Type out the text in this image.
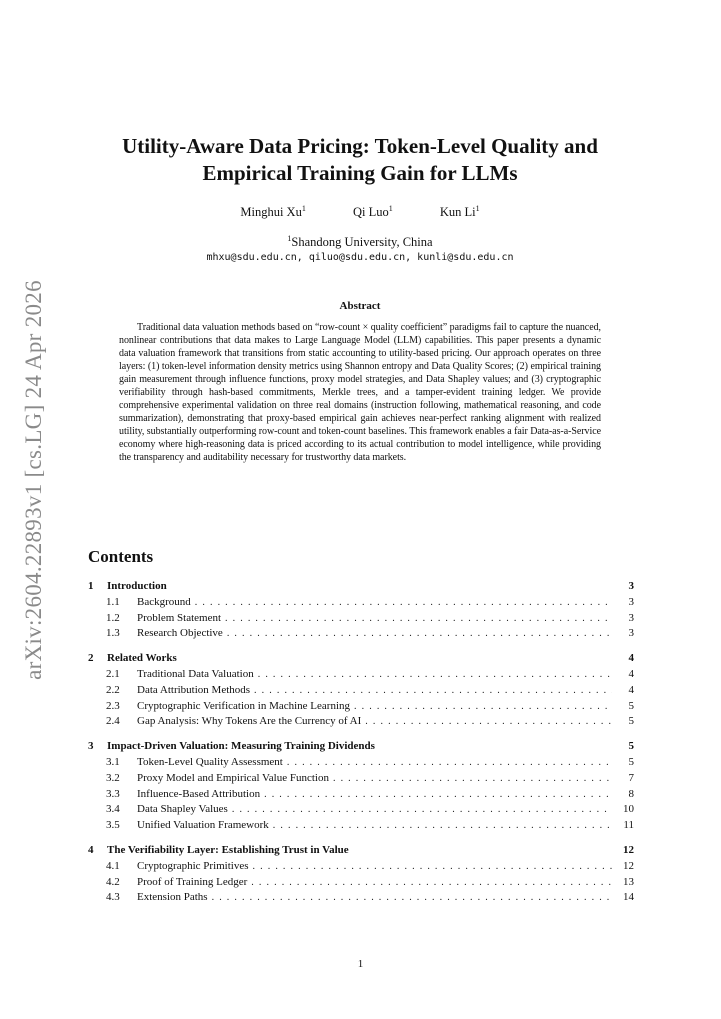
arXiv:2604.22893v1 [cs.LG] 24 Apr 2026
Utility-Aware Data Pricing: Token-Level Quality and
Empirical Training Gain for LLMs
Minghui Xu$^1$	Qi Luo$^1$	Kun Li$^1$
$^1$Shandong University, China
mhxu@sdu.edu.cn, qiluo@sdu.edu.cn, kunli@sdu.edu.cn
Abstract
Traditional data valuation methods based on “row-count × quality coefficient” paradigms fail to capture the nuanced, nonlinear contributions that data makes to Large Language Model (LLM) capabilities. This paper presents a dynamic data valuation framework that transitions from static accounting to utility-based pricing. Our approach operates on three layers: (1) token-level information density metrics using Shannon entropy and Data Quality Scores; (2) empirical training gain measurement through influence functions, proxy model strategies, and Data Shapley values; and (3) cryptographic verifiability through hash-based commitments, Merkle trees, and a tamper-evident training ledger. We provide comprehensive experimental validation on three real domains (instruction following, mathematical reasoning, and code summarization), demonstrating that proxy-based empirical gain achieves near-perfect ranking alignment with realized utility, substantially outperforming row-count and token-count baselines. This framework enables a fair Data-as-a-Service economy where high-reasoning data is priced according to its actual contribution to model intelligence, while providing the transparency and auditability necessary for trustworthy data markets.
Contents
1	Introduction	3
1.1	Background . . .	3
1.2	Problem Statement . . .	3
1.3	Research Objective . . .	3
2	Related Works	4
2.1	Traditional Data Valuation . . .	4
2.2	Data Attribution Methods . . .	4
2.3	Cryptographic Verification in Machine Learning . . .	5
2.4	Gap Analysis: Why Tokens Are the Currency of AI . . .	5
3	Impact-Driven Valuation: Measuring Training Dividends	5
3.1	Token-Level Quality Assessment . . .	5
3.2	Proxy Model and Empirical Value Function . . .	7
3.3	Influence-Based Attribution . . .	8
3.4	Data Shapley Values . . .	10
3.5	Unified Valuation Framework . . .	11
4	The Verifiability Layer: Establishing Trust in Value	12
4.1	Cryptographic Primitives . . .	12
4.2	Proof of Training Ledger . . .	13
4.3	Extension Paths . . .	14
1
